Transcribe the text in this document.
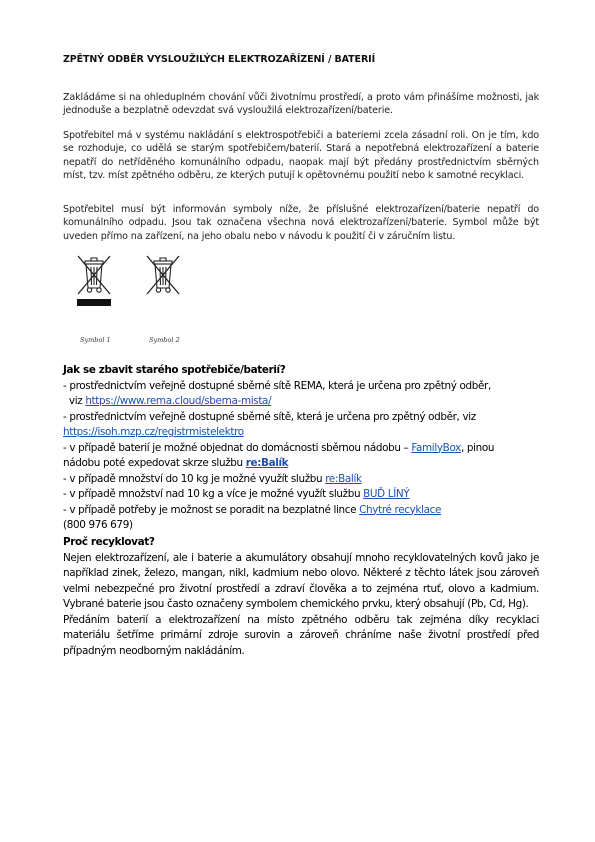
ZPĚTNÝ ODBĚR VYSLOUŽILÝCH ELEKTROZAŘÍZENÍ / BATERIÍ

Zakládáme si na ohleduplném chování vůči životnímu prostředí, a proto vám přinášíme možnosti, jak jednoduše a bezplatně odevzdat svá vysloužilá elektrozařízení/baterie.

Spotřebitel má v systému nakládání s elektrospotřebiči a bateriemi zcela zásadní roli. On je tím, kdo se rozhoduje, co udělá se starým spotřebičem/baterií. Stará a nepotřebná elektrozařízení a baterie nepatří do netříděného komunálního odpadu, naopak mají být předány prostřednictvím sběrných míst, tzv. míst zpětného odběru, ze kterých putují k opětovnému použití nebo k samotné recyklaci.

Spotřebitel musí být informován symboly níže, že příslušné elektrozařízení/baterie nepatří do komunálního odpadu. Jsou tak označena všechna nová elektrozařízení/baterie. Symbol může být uveden přímo na zařízení, na jeho obalu nebo v návodu k použití či v záručním listu.

Symbol 1	Symbol 2

Jak se zbavit starého spotřebiče/baterií?

- prostřednictvím veřejně dostupné sběrné sítě REMA, která je určena pro zpětný odběr,

viz https://www.rema.cloud/sberna-mista/

- prostřednictvím veřejně dostupné sběrné sítě, která je určena pro zpětný odběr, viz
https://isoh.mzp.cz/registrmistelektro

- v případě baterií je možné objednat do domácnosti sběrnou nádobu – FamilyBox, pinou

nádobu poté expedovat skrze službu re:Balík

- v případě množství do 10 kg je možné využít službu re:Balík

- v případě množství nad 10 kg a více je možné využít službu BUĎ LÍNÝ

- v případě potřeby je možnost se poradit na bezplatné lince Chytré recyklace

(800 976 679)

Proč recyklovat?

Nejen elektrozařízení, ale i baterie a akumulátory obsahují mnoho recyklovatelných kovů jako je například zinek, železo, mangan, nikl, kadmium nebo olovo. Některé z těchto látek jsou zároveň velmi nebezpečné pro životní prostředí a zdraví člověka a to zejména rtuť, olovo a kadmium. Vybrané baterie jsou často označeny symbolem chemického prvku, který obsahují (Pb, Cd, Hg).

Předáním baterií a elektrozařízení na místo zpětného odběru tak zejména díky recyklaci materiálu šetříme primární zdroje surovin a zároveň chráníme naše životní prostředí před případným neodborným nakládáním.
